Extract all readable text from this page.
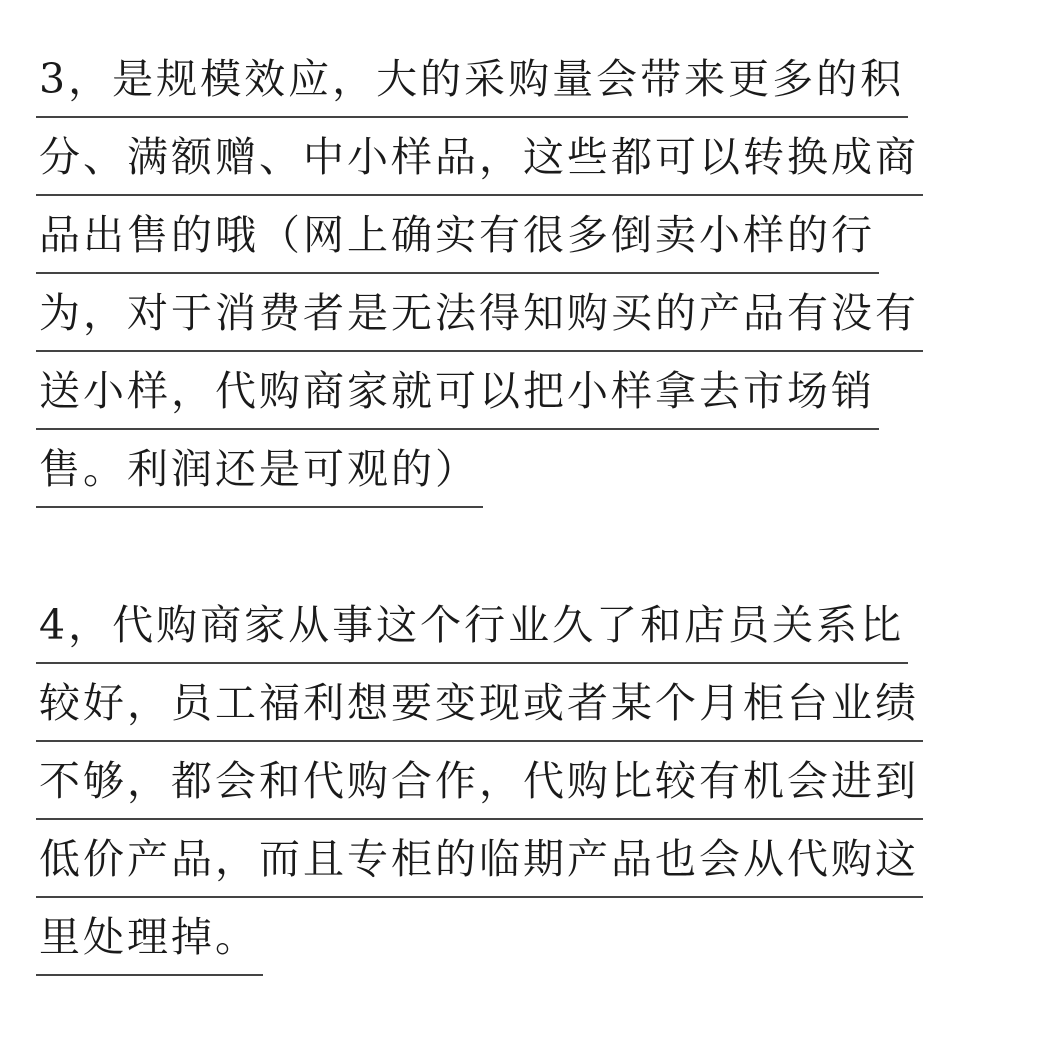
3，是规模效应，大的采购量会带来更多的积
分、满额赠、中小样品，这些都可以转换成商
品出售的哦（网上确实有很多倒卖小样的行
为，对于消费者是无法得知购买的产品有没有
送小样，代购商家就可以把小样拿去市场销
售。利润还是可观的）
4，代购商家从事这个行业久了和店员关系比
较好，员工福利想要变现或者某个月柜台业绩
不够，都会和代购合作，代购比较有机会进到
低价产品，而且专柜的临期产品也会从代购这
里处理掉。
